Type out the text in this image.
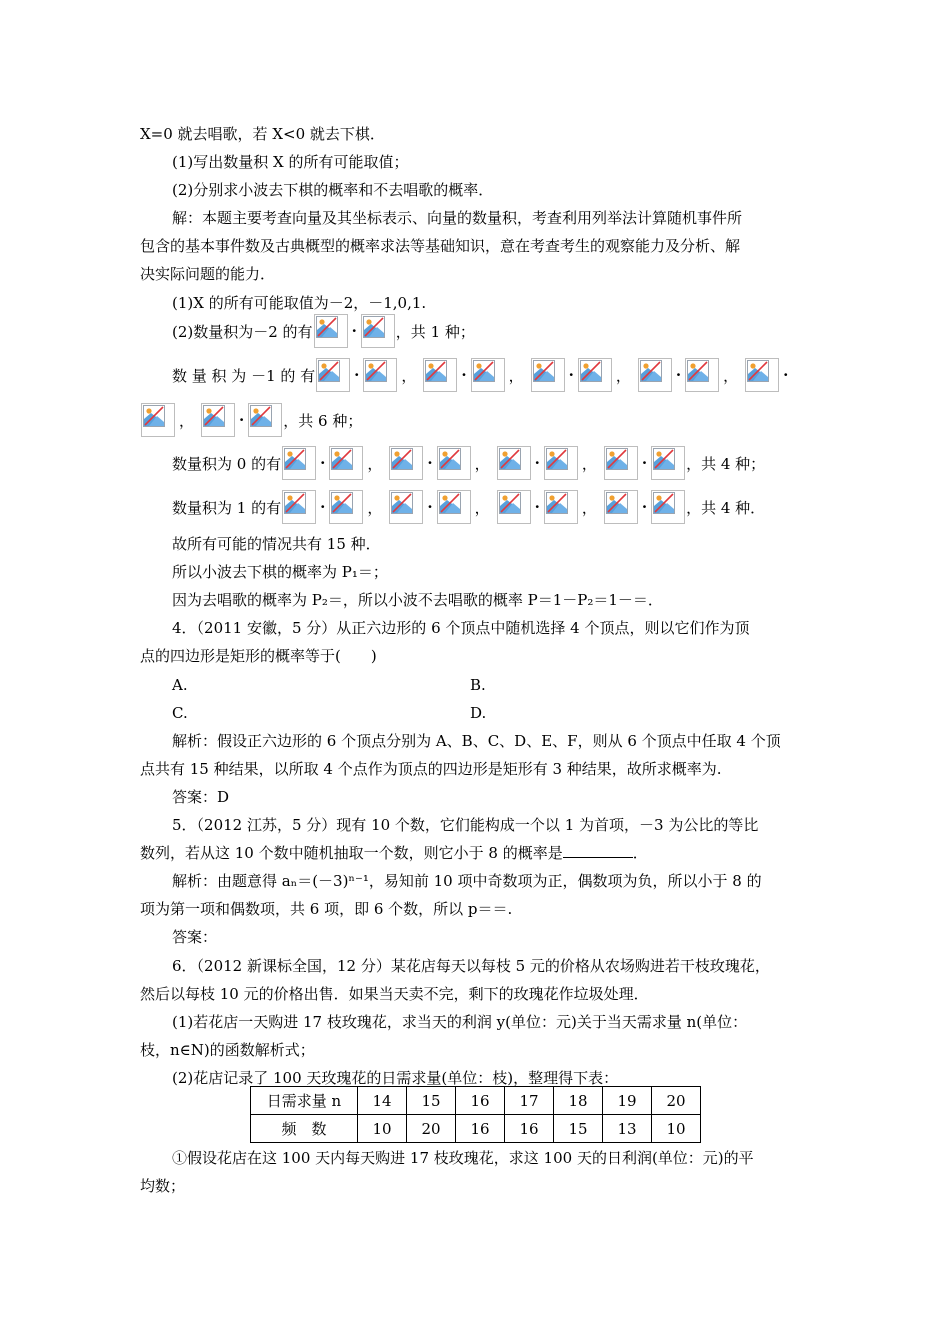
X=0 就去唱歌，若 X<0 就去下棋．
(1)写出数量积 X 的所有可能取值；
(2)分别求小波去下棋的概率和不去唱歌的概率．
解：本题主要考查向量及其坐标表示、向量的数量积，考查利用列举法计算随机事件所
包含的基本事件数及古典概型的概率求法等基础知识，意在考查考生的观察能力及分析、解
决实际问题的能力．
(1)X 的所有可能取值为－2，－1,0,1.
(2)数量积为－2 的有	·	，共 1 种；
数 量 积 为 －1 的 有	·	，	·	，	·	，	·	，	·
，	·	，共 6 种；
数量积为 0 的有	·	，	·	，	·	，	·	，共 4 种；
数量积为 1 的有	·	，	·	，	·	，	·	，共 4 种．
故所有可能的情况共有 15 种．
所以小波去下棋的概率为 P₁＝；
因为去唱歌的概率为 P₂＝，所以小波不去唱歌的概率 P＝1－P₂＝1－＝．
4．（2011 安徽，5 分）从正六边形的 6 个顶点中随机选择 4 个顶点，则以它们作为顶
点的四边形是矩形的概率等于(　　)
A.	B.
C.	D.
解析：假设正六边形的 6 个顶点分别为 A、B、C、D、E、F，则从 6 个顶点中任取 4 个顶
点共有 15 种结果，以所取 4 个点作为顶点的四边形是矩形有 3 种结果，故所求概率为.
答案：D
5．（2012 江苏，5 分）现有 10 个数，它们能构成一个以 1 为首项，－3 为公比的等比
数列，若从这 10 个数中随机抽取一个数，则它小于 8 的概率是	．
解析：由题意得 aₙ＝(－3)ⁿ⁻¹，易知前 10 项中奇数项为正，偶数项为负，所以小于 8 的
项为第一项和偶数项，共 6 项，即 6 个数，所以 p＝＝.
答案：
6．（2012 新课标全国，12 分）某花店每天以每枝 5 元的价格从农场购进若干枝玫瑰花，
然后以每枝 10 元的价格出售．如果当天卖不完，剩下的玫瑰花作垃圾处理．
(1)若花店一天购进 17 枝玫瑰花，求当天的利润 y(单位：元)关于当天需求量 n(单位：
枝，n∈N)的函数解析式；
(2)花店记录了 100 天玫瑰花的日需求量(单位：枝)，整理得下表：
日需求量 n	14	15	16	17	18	19	20
频　数	10	20	16	16	15	13	10
①假设花店在这 100 天内每天购进 17 枝玫瑰花，求这 100 天的日利润(单位：元)的平
均数；
